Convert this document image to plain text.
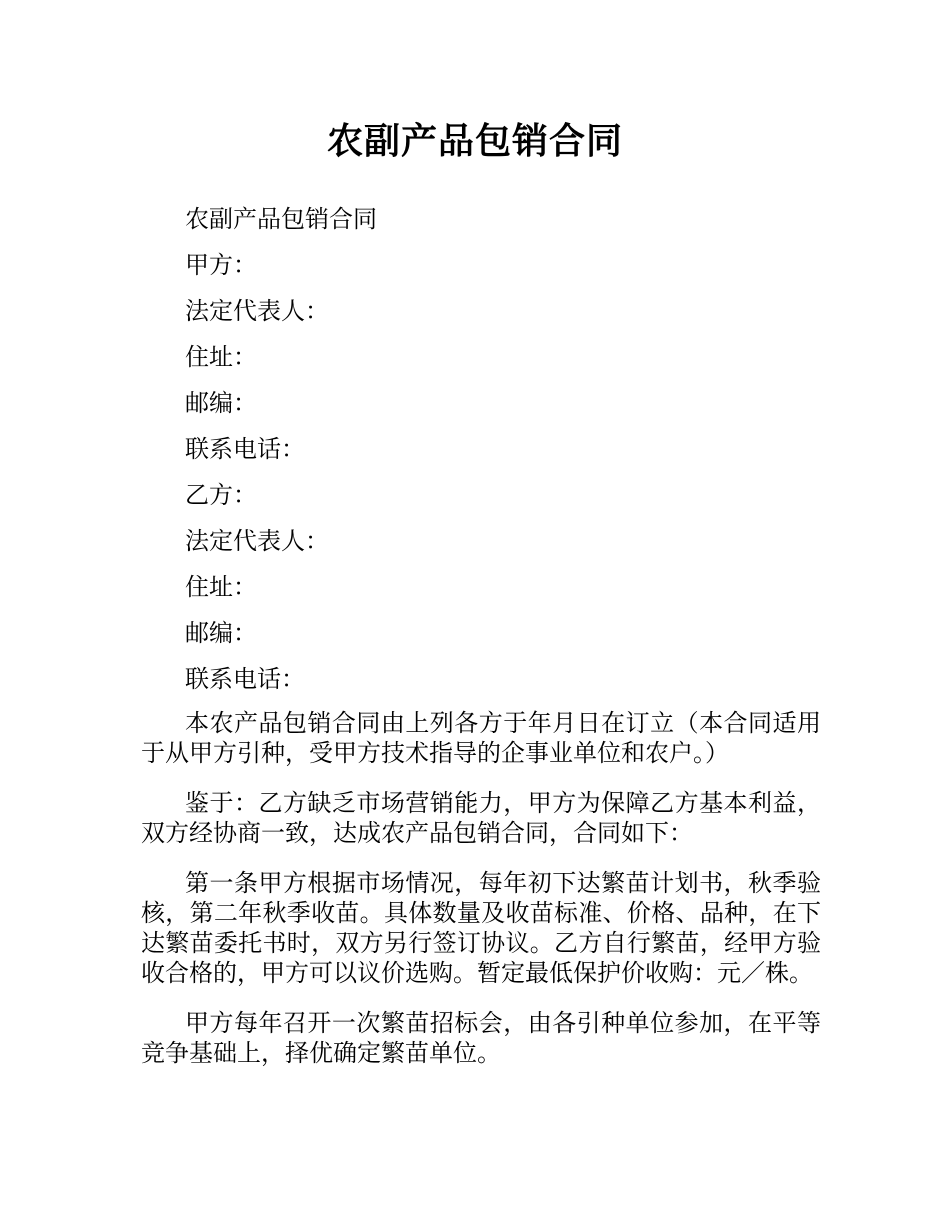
农副产品包销合同

农副产品包销合同

甲方：

法定代表人：

住址：

邮编：

联系电话：

乙方：

法定代表人：

住址：

邮编：

联系电话：

本农产品包销合同由上列各方于年月日在订立（本合同适用于从甲方引种，受甲方技术指导的企事业单位和农户。）

鉴于：乙方缺乏市场营销能力，甲方为保障乙方基本利益，双方经协商一致，达成农产品包销合同，合同如下：

第一条甲方根据市场情况，每年初下达繁苗计划书，秋季验核，第二年秋季收苗。具体数量及收苗标准、价格、品种，在下达繁苗委托书时，双方另行签订协议。乙方自行繁苗，经甲方验收合格的，甲方可以议价选购。暂定最低保护价收购：元／株。

甲方每年召开一次繁苗招标会，由各引种单位参加，在平等竞争基础上，择优确定繁苗单位。
